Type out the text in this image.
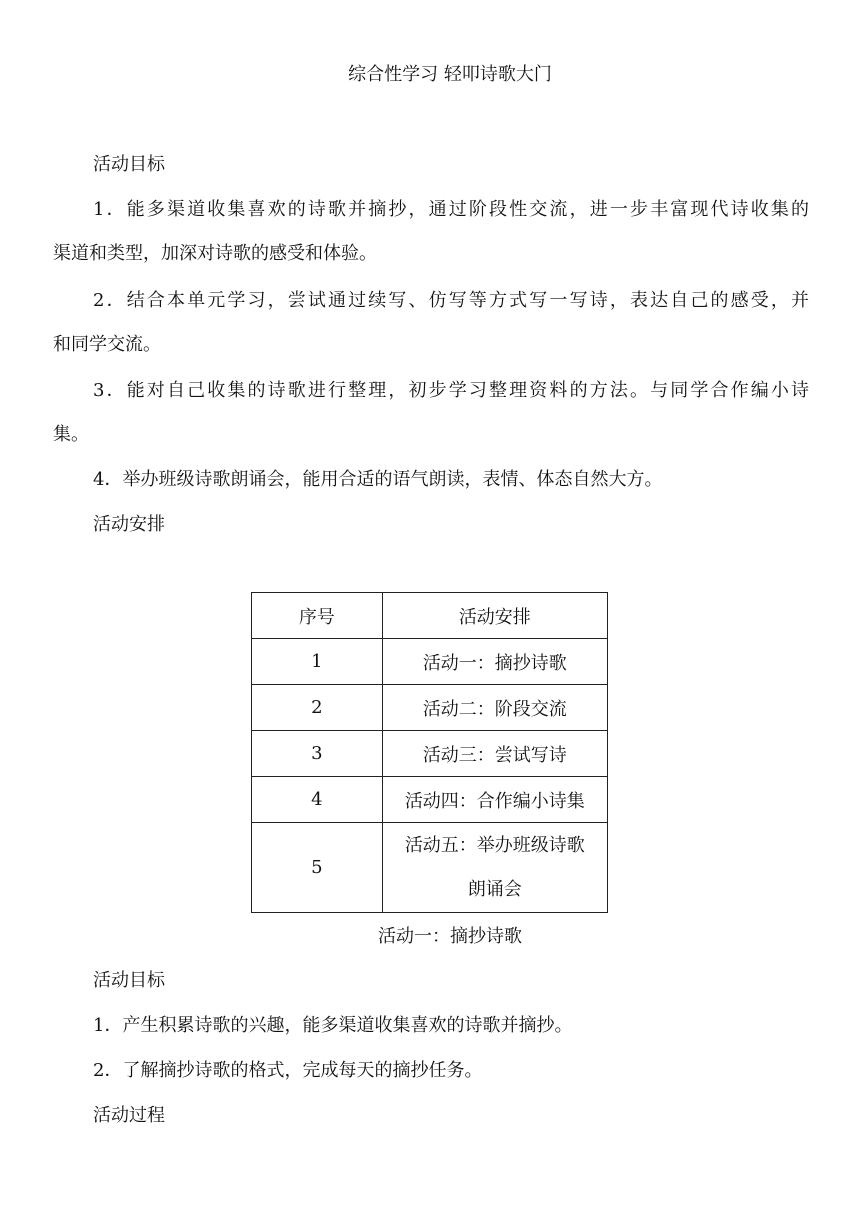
综合性学习 轻叩诗歌大门
活动目标
1．能多渠道收集喜欢的诗歌并摘抄，通过阶段性交流，进一步丰富现代诗收集的
渠道和类型，加深对诗歌的感受和体验。
2．结合本单元学习，尝试通过续写、仿写等方式写一写诗，表达自己的感受，并
和同学交流。
3．能对自己收集的诗歌进行整理，初步学习整理资料的方法。与同学合作编小诗
集。
4．举办班级诗歌朗诵会，能用合适的语气朗读，表情、体态自然大方。
活动安排
序号	活动安排
1	活动一：摘抄诗歌
2	活动二：阶段交流
3	活动三：尝试写诗
4	活动四：合作编小诗集
5	活动五：举办班级诗歌
朗诵会
活动一：摘抄诗歌
活动目标
1．产生积累诗歌的兴趣，能多渠道收集喜欢的诗歌并摘抄。
2．了解摘抄诗歌的格式，完成每天的摘抄任务。
活动过程
